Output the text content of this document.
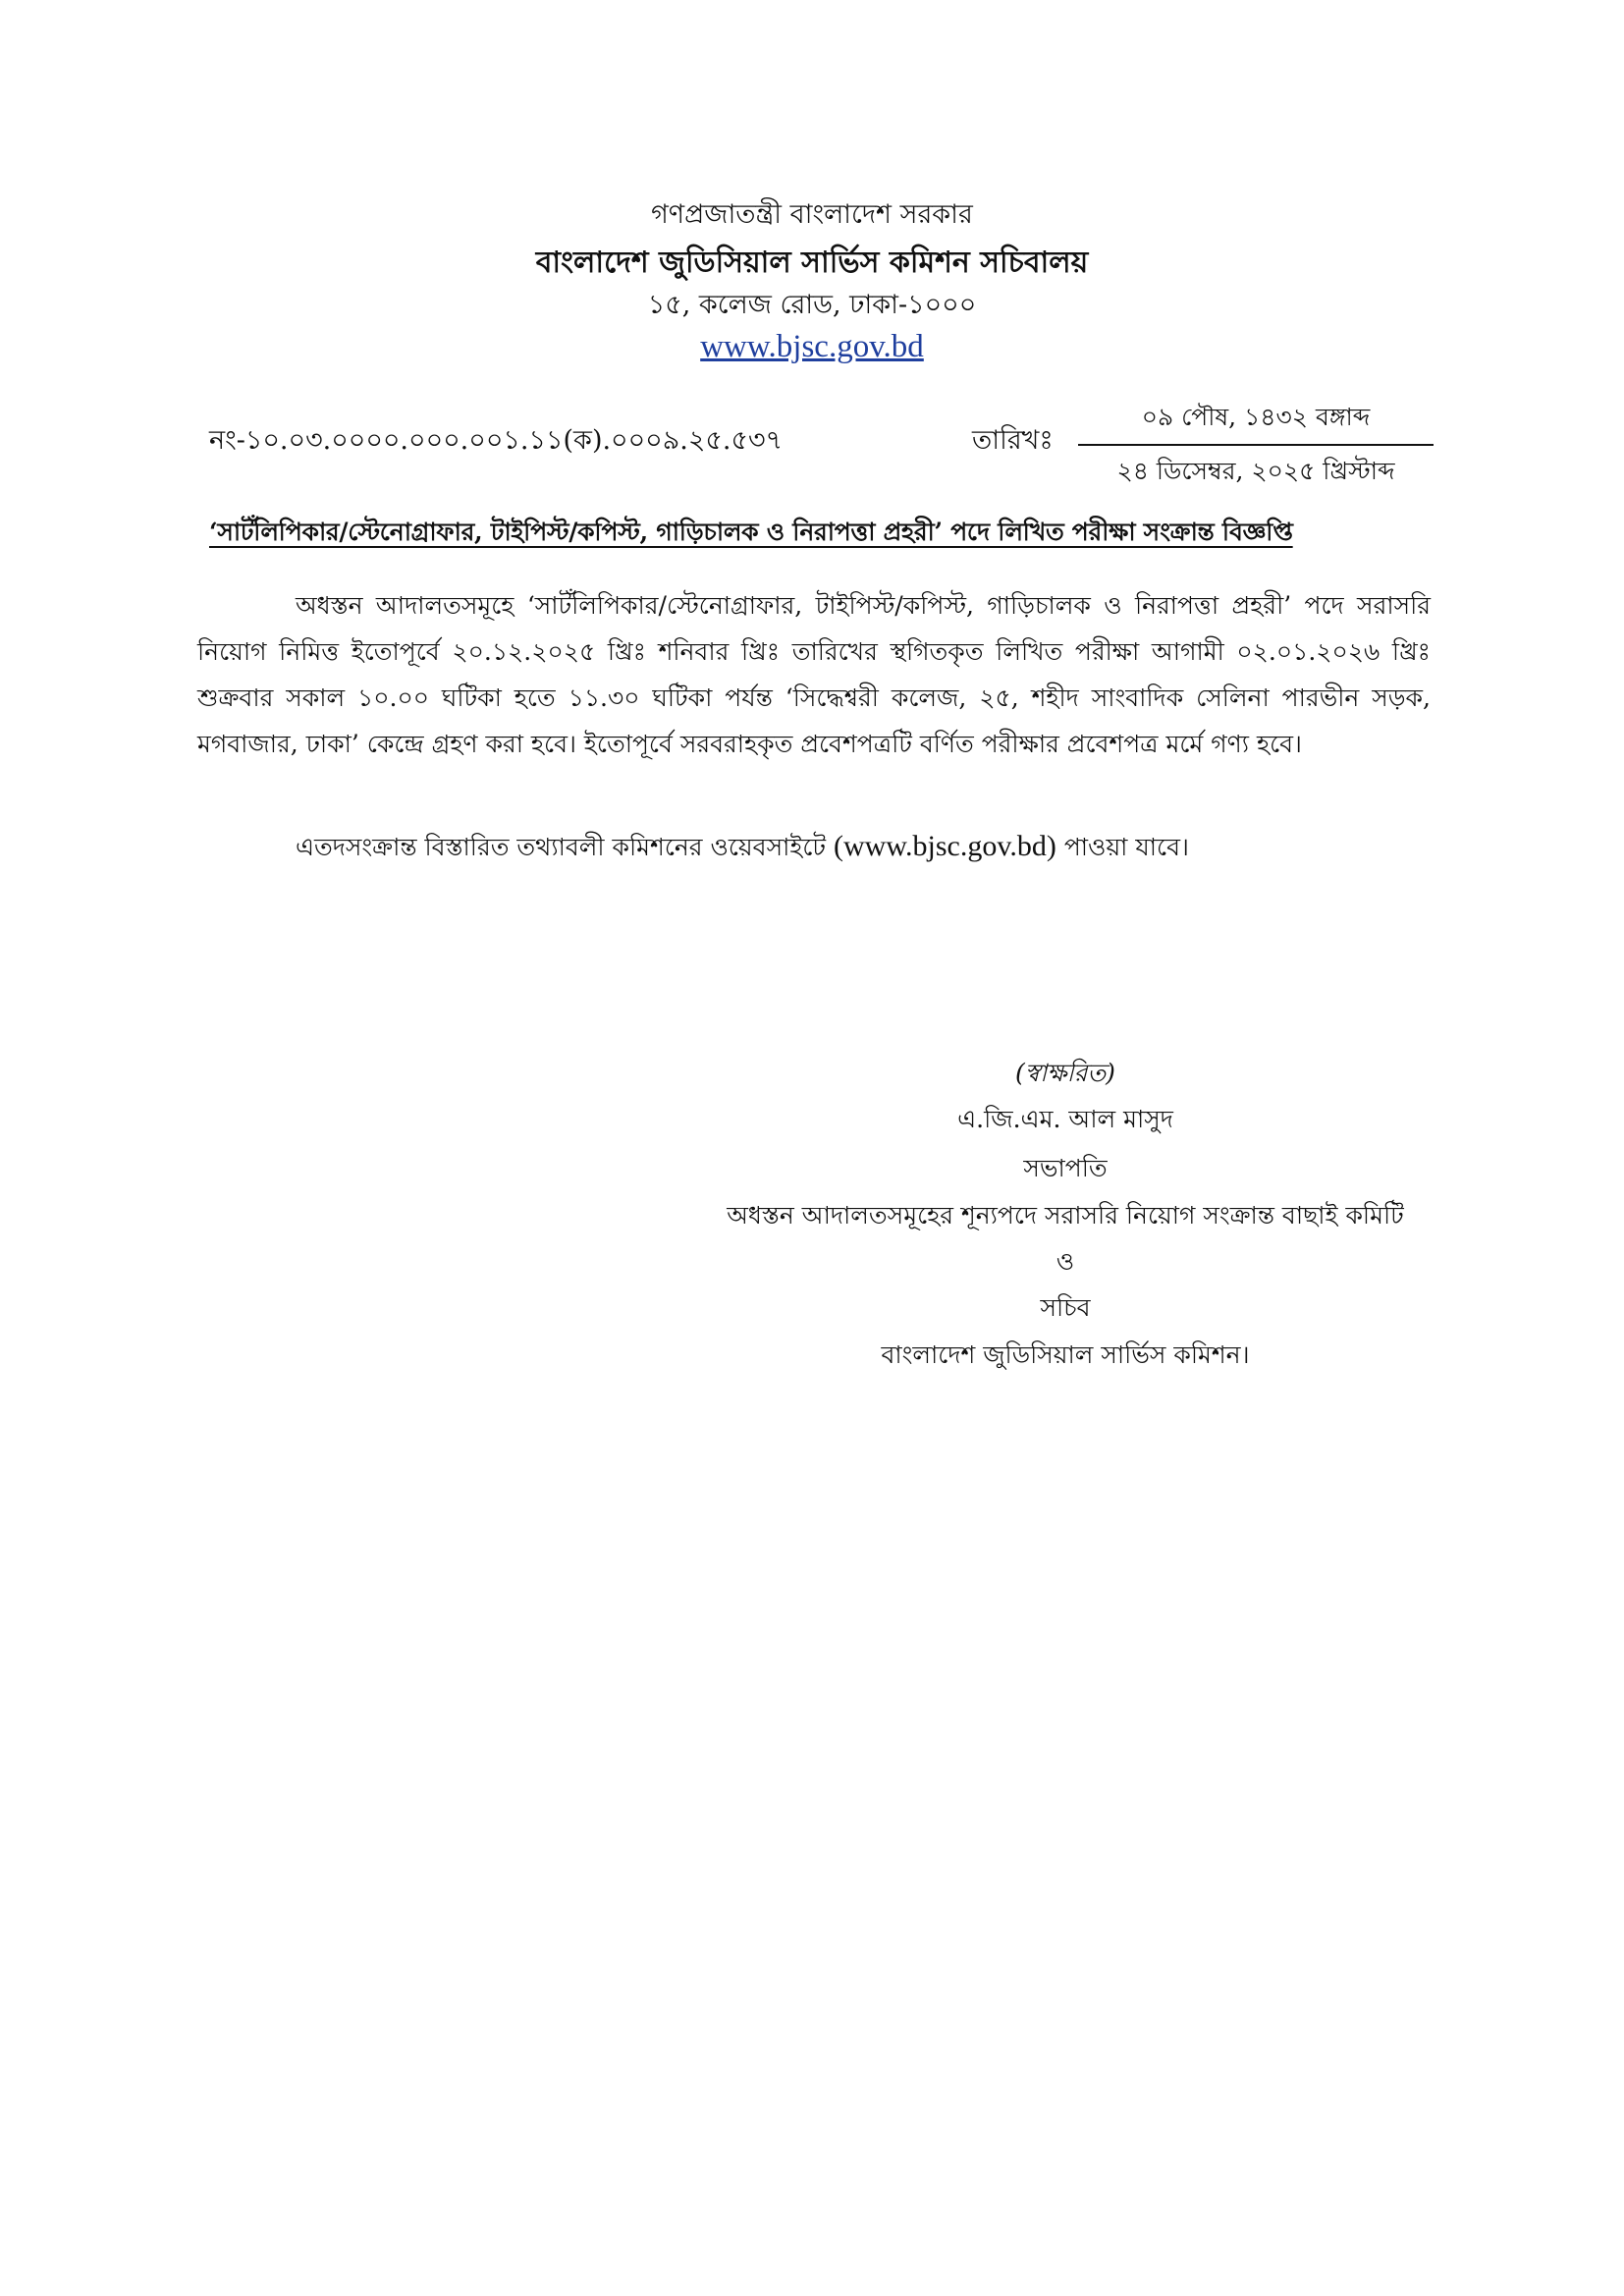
গণপ্রজাতন্ত্রী বাংলাদেশ সরকার
বাংলাদেশ জুডিসিয়াল সার্ভিস কমিশন সচিবালয়
১৫, কলেজ রোড, ঢাকা-১০০০
www.bjsc.gov.bd
নং-১০.০৩.০০০০.০০০.০০১.১১(ক).০০০৯.২৫.৫৩৭	তারিখঃ
০৯ পৌষ, ১৪৩২ বঙ্গাব্দ
২৪ ডিসেম্বর, ২০২৫ খ্রিস্টাব্দ
‘সাটঁলিপিকার/স্টেনোগ্রাফার, টাইপিস্ট/কপিস্ট, গাড়িচালক ও নিরাপত্তা প্রহরী’ পদে লিখিত পরীক্ষা সংক্রান্ত বিজ্ঞপ্তি
অধস্তন আদালতসমূহে ‘সাটঁলিপিকার/স্টেনোগ্রাফার, টাইপিস্ট/কপিস্ট, গাড়িচালক ও নিরাপত্তা প্রহরী’ পদে সরাসরি নিয়োগ নিমিত্ত ইতোপূর্বে ২০.১২.২০২৫ খ্রিঃ শনিবার খ্রিঃ তারিখের স্থগিতকৃত লিখিত পরীক্ষা আগামী ০২.০১.২০২৬ খ্রিঃ শুক্রবার সকাল ১০.০০ ঘটিকা হতে ১১.৩০ ঘটিকা পর্যন্ত ‘সিদ্ধেশ্বরী কলেজ, ২৫, শহীদ সাংবাদিক সেলিনা পারভীন সড়ক, মগবাজার, ঢাকা’ কেন্দ্রে গ্রহণ করা হবে। ইতোপূর্বে সরবরাহকৃত প্রবেশপত্রটি বর্ণিত পরীক্ষার প্রবেশপত্র মর্মে গণ্য হবে।
এতদসংক্রান্ত বিস্তারিত তথ্যাবলী কমিশনের ওয়েবসাইটে (www.bjsc.gov.bd) পাওয়া যাবে।
(স্বাক্ষরিত)
এ.জি.এম. আল মাসুদ
সভাপতি
অধস্তন আদালতসমূহের শূন্যপদে সরাসরি নিয়োগ সংক্রান্ত বাছাই কমিটি
ও
সচিব
বাংলাদেশ জুডিসিয়াল সার্ভিস কমিশন।
